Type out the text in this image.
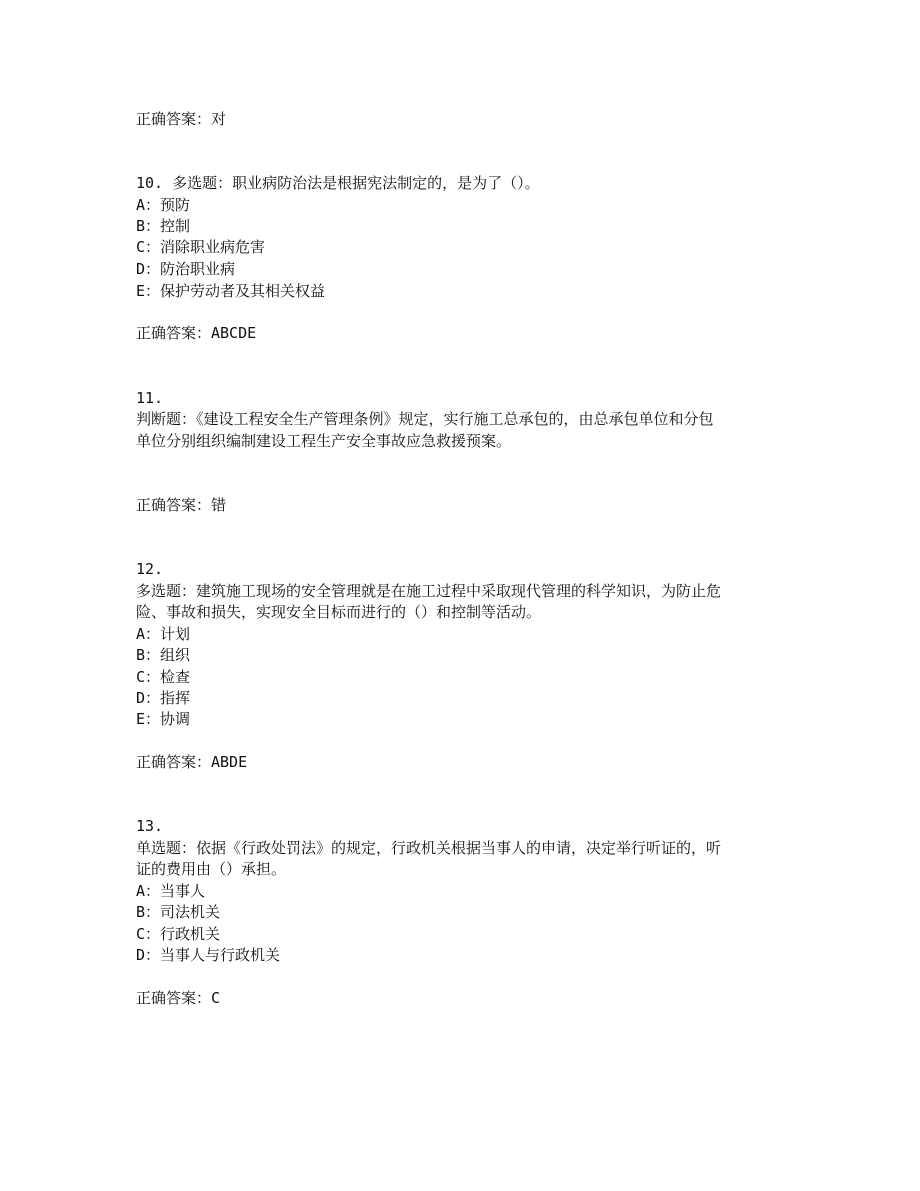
正确答案：对
10. 多选题：职业病防治法是根据宪法制定的，是为了（）。
A：预防
B：控制
C：消除职业病危害
D：防治职业病
E：保护劳动者及其相关权益
正确答案：ABCDE
11.
判断题：《建设工程安全生产管理条例》规定，实行施工总承包的，由总承包单位和分包
单位分别组织编制建设工程生产安全事故应急救援预案。
正确答案：错
12.
多选题：建筑施工现场的安全管理就是在施工过程中采取现代管理的科学知识，为防止危
险、事故和损失，实现安全目标而进行的（）和控制等活动。
A：计划
B：组织
C：检查
D：指挥
E：协调
正确答案：ABDE
13.
单选题：依据《行政处罚法》的规定，行政机关根据当事人的申请，决定举行听证的，听
证的费用由（）承担。
A：当事人
B：司法机关
C：行政机关
D：当事人与行政机关
正确答案：C
